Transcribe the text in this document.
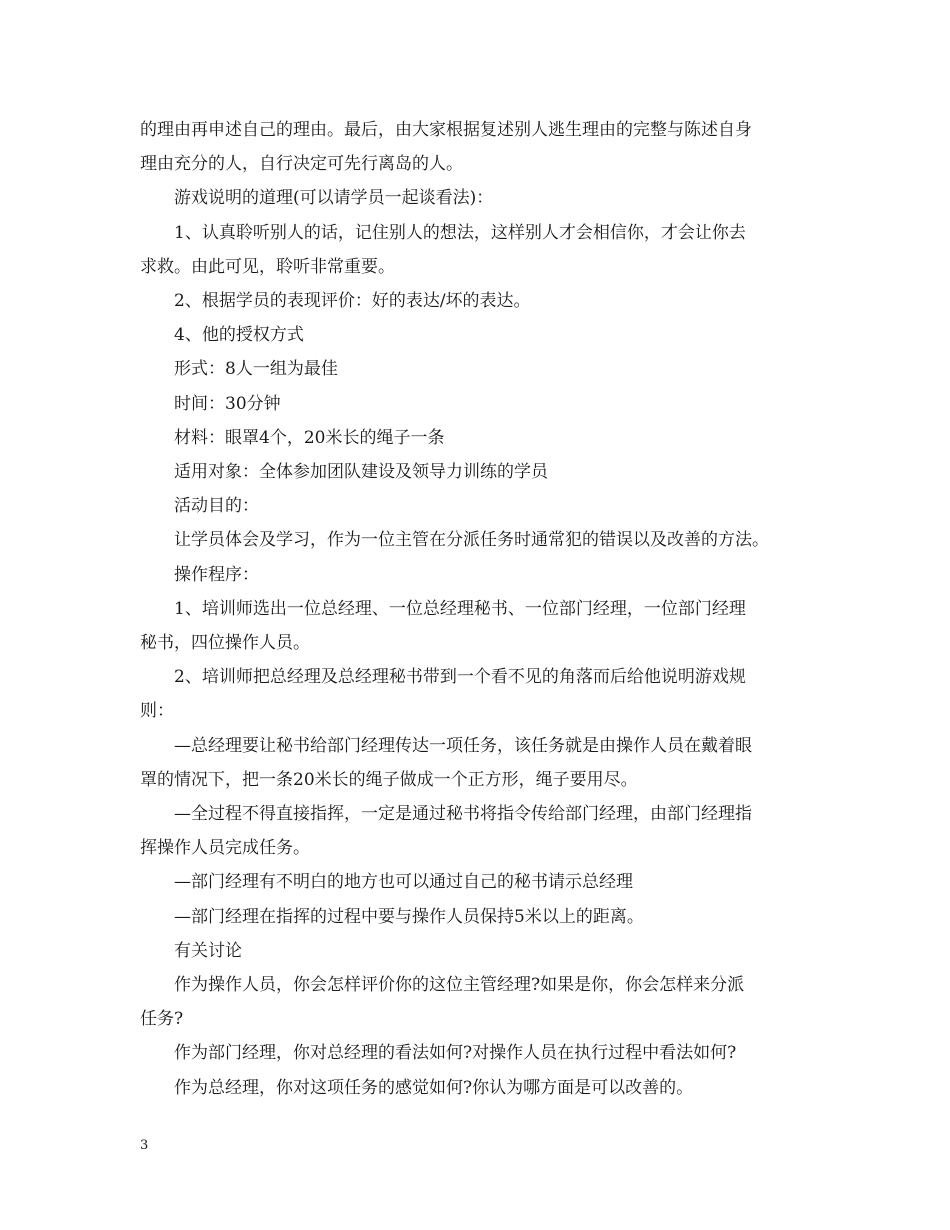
的理由再申述自己的理由。最后，由大家根据复述别人逃生理由的完整与陈述自身
理由充分的人，自行决定可先行离岛的人。
游戏说明的道理(可以请学员一起谈看法)：
1、认真聆听别人的话，记住别人的想法，这样别人才会相信你，才会让你去
求救。由此可见，聆听非常重要。
2、根据学员的表现评价：好的表达/坏的表达。
4、他的授权方式
形式：8人一组为最佳
时间：30分钟
材料：眼罩4个，20米长的绳子一条
适用对象：全体参加团队建设及领导力训练的学员
活动目的：
让学员体会及学习，作为一位主管在分派任务时通常犯的错误以及改善的方法。
操作程序：
1、培训师选出一位总经理、一位总经理秘书、一位部门经理，一位部门经理
秘书，四位操作人员。
2、培训师把总经理及总经理秘书带到一个看不见的角落而后给他说明游戏规
则：
—总经理要让秘书给部门经理传达一项任务，该任务就是由操作人员在戴着眼
罩的情况下，把一条20米长的绳子做成一个正方形，绳子要用尽。
—全过程不得直接指挥，一定是通过秘书将指令传给部门经理，由部门经理指
挥操作人员完成任务。
—部门经理有不明白的地方也可以通过自己的秘书请示总经理
—部门经理在指挥的过程中要与操作人员保持5米以上的距离。
有关讨论
作为操作人员，你会怎样评价你的这位主管经理?如果是你，你会怎样来分派
任务?
作为部门经理，你对总经理的看法如何?对操作人员在执行过程中看法如何?
作为总经理，你对这项任务的感觉如何?你认为哪方面是可以改善的。
3
